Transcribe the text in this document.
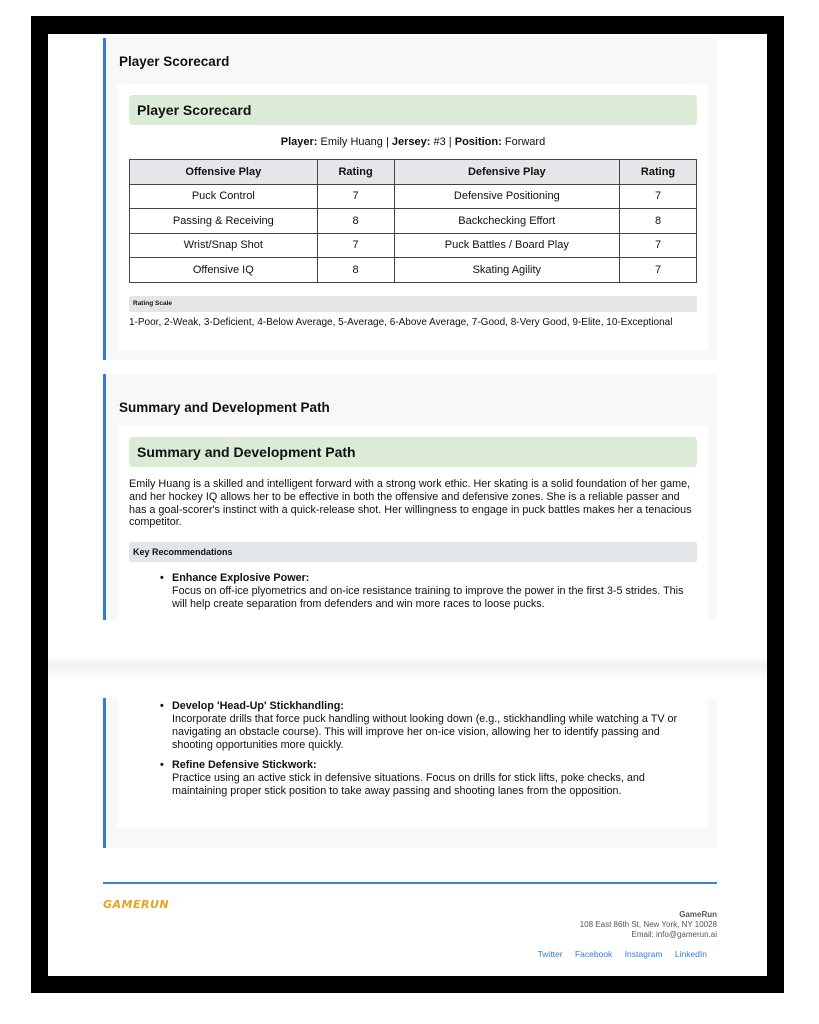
Player Scorecard
Player Scorecard
Player: Emily Huang | Jersey: #3 | Position: Forward
Offensive Play	Rating	Defensive Play	Rating
Puck Control	7	Defensive Positioning	7
Passing & Receiving	8	Backchecking Effort	8
Wrist/Snap Shot	7	Puck Battles / Board Play	7
Offensive IQ	8	Skating Agility	7
Rating Scale
1-Poor, 2-Weak, 3-Deficient, 4-Below Average, 5-Average, 6-Above Average, 7-Good, 8-Very Good, 9-Elite, 10-Exceptional
Summary and Development Path
Summary and Development Path
Emily Huang is a skilled and intelligent forward with a strong work ethic. Her skating is a solid foundation of her game, and her hockey IQ allows her to be effective in both the offensive and defensive zones. She is a reliable passer and has a goal-scorer's instinct with a quick-release shot. Her willingness to engage in puck battles makes her a tenacious competitor.
Key Recommendations
• Enhance Explosive Power:
Focus on off-ice plyometrics and on-ice resistance training to improve the power in the first 3-5 strides. This will help create separation from defenders and win more races to loose pucks.
• Develop 'Head-Up' Stickhandling:
Incorporate drills that force puck handling without looking down (e.g., stickhandling while watching a TV or navigating an obstacle course). This will improve her on-ice vision, allowing her to identify passing and shooting opportunities more quickly.
• Refine Defensive Stickwork:
Practice using an active stick in defensive situations. Focus on drills for stick lifts, poke checks, and maintaining proper stick position to take away passing and shooting lanes from the opposition.
GAMERUN
GameRun
108 East 86th St, New York, NY 10028
Email: info@gamerun.ai
Twitter Facebook Instagram LinkedIn
